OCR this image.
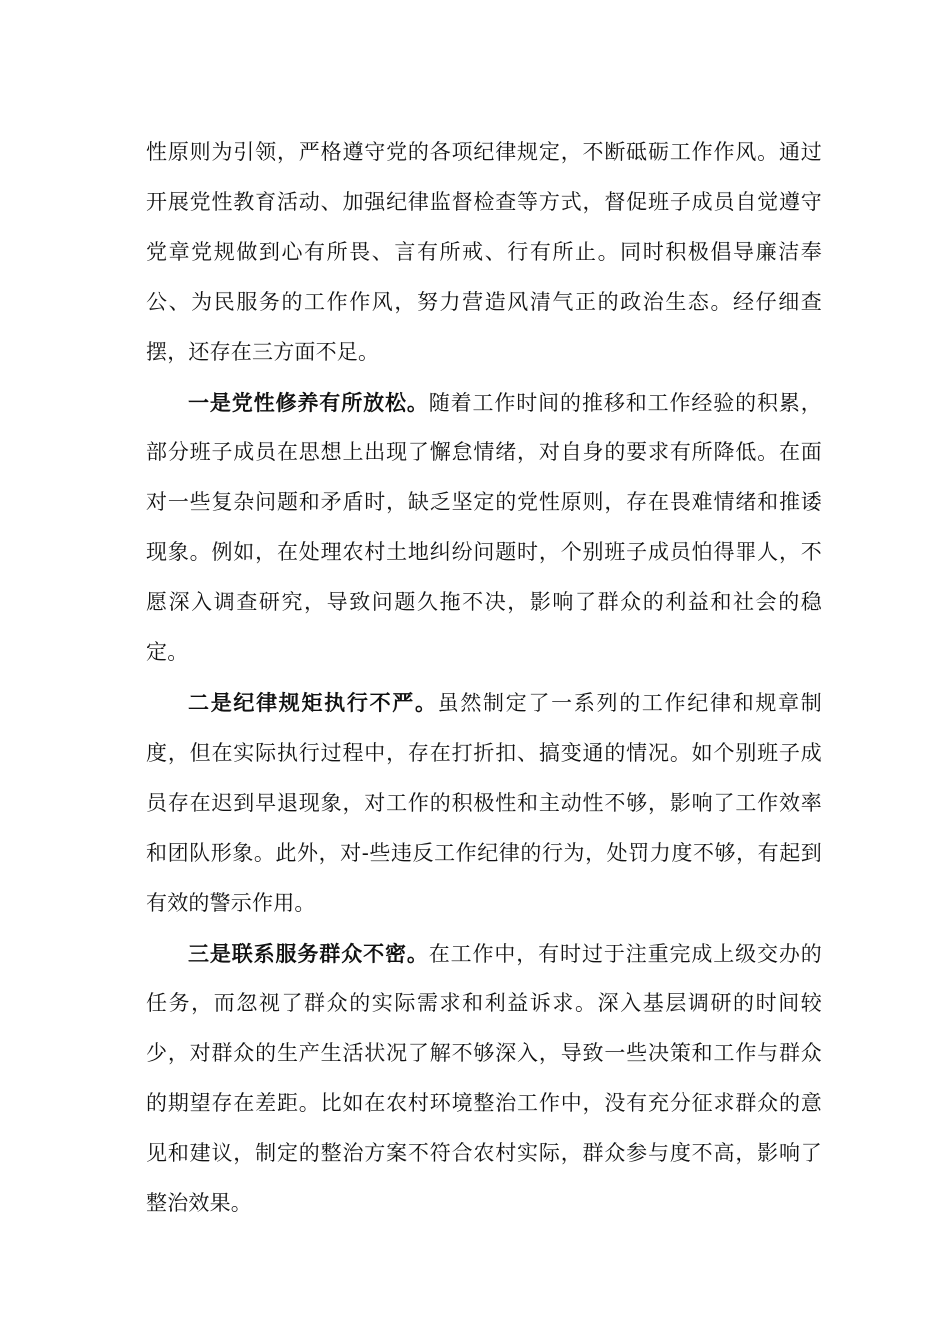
性原则为引领，严格遵守党的各项纪律规定，不断砥砺工作作风。通过开展党性教育活动、加强纪律监督检查等方式，督促班子成员自觉遵守党章党规做到心有所畏、言有所戒、行有所止。同时积极倡导廉洁奉公、为民服务的工作作风，努力营造风清气正的政治生态。经仔细查摆，还存在三方面不足。

一是党性修养有所放松。随着工作时间的推移和工作经验的积累，部分班子成员在思想上出现了懈怠情绪，对自身的要求有所降低。在面对一些复杂问题和矛盾时，缺乏坚定的党性原则，存在畏难情绪和推诿现象。例如，在处理农村土地纠纷问题时，个别班子成员怕得罪人，不愿深入调查研究，导致问题久拖不决，影响了群众的利益和社会的稳定。

二是纪律规矩执行不严。虽然制定了一系列的工作纪律和规章制度，但在实际执行过程中，存在打折扣、搞变通的情况。如个别班子成员存在迟到早退现象，对工作的积极性和主动性不够，影响了工作效率和团队形象。此外，对-些违反工作纪律的行为，处罚力度不够，有起到有效的警示作用。

三是联系服务群众不密。在工作中，有时过于注重完成上级交办的任务，而忽视了群众的实际需求和利益诉求。深入基层调研的时间较少，对群众的生产生活状况了解不够深入，导致一些决策和工作与群众的期望存在差距。比如在农村环境整治工作中，没有充分征求群众的意见和建议，制定的整治方案不符合农村实际，群众参与度不高，影响了整治效果。
